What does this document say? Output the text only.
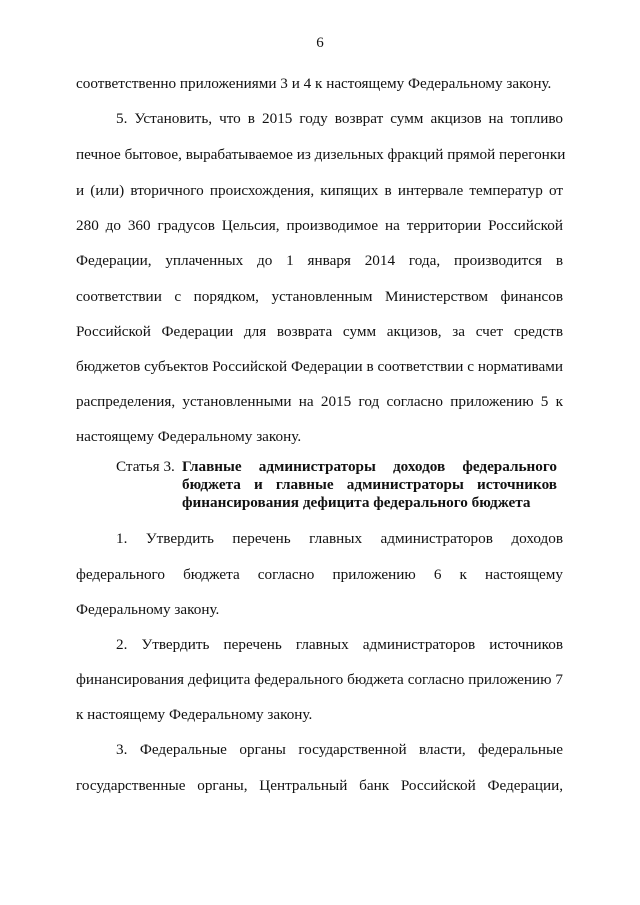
6
соответственно приложениями 3 и 4 к настоящему Федеральному закону.
5. Установить, что в 2015 году возврат сумм акцизов на топливо
печное бытовое, вырабатываемое из дизельных фракций прямой перегонки
и (или) вторичного происхождения, кипящих в интервале температур от
280 до 360 градусов Цельсия, производимое на территории Российской
Федерации, уплаченных до 1 января 2014 года, производится в
соответствии с порядком, установленным Министерством финансов
Российской Федерации для возврата сумм акцизов, за счет средств
бюджетов субъектов Российской Федерации в соответствии с нормативами
распределения, установленными на 2015 год согласно приложению 5 к
настоящему Федеральному закону.
Статья 3. Главные администраторы доходов федерального
бюджета и главные администраторы источников
финансирования дефицита федерального бюджета
1. Утвердить перечень главных администраторов доходов
федерального бюджета согласно приложению 6 к настоящему
Федеральному закону.
2. Утвердить перечень главных администраторов источников
финансирования дефицита федерального бюджета согласно приложению 7
к настоящему Федеральному закону.
3. Федеральные органы государственной власти, федеральные
государственные органы, Центральный банк Российской Федерации,
